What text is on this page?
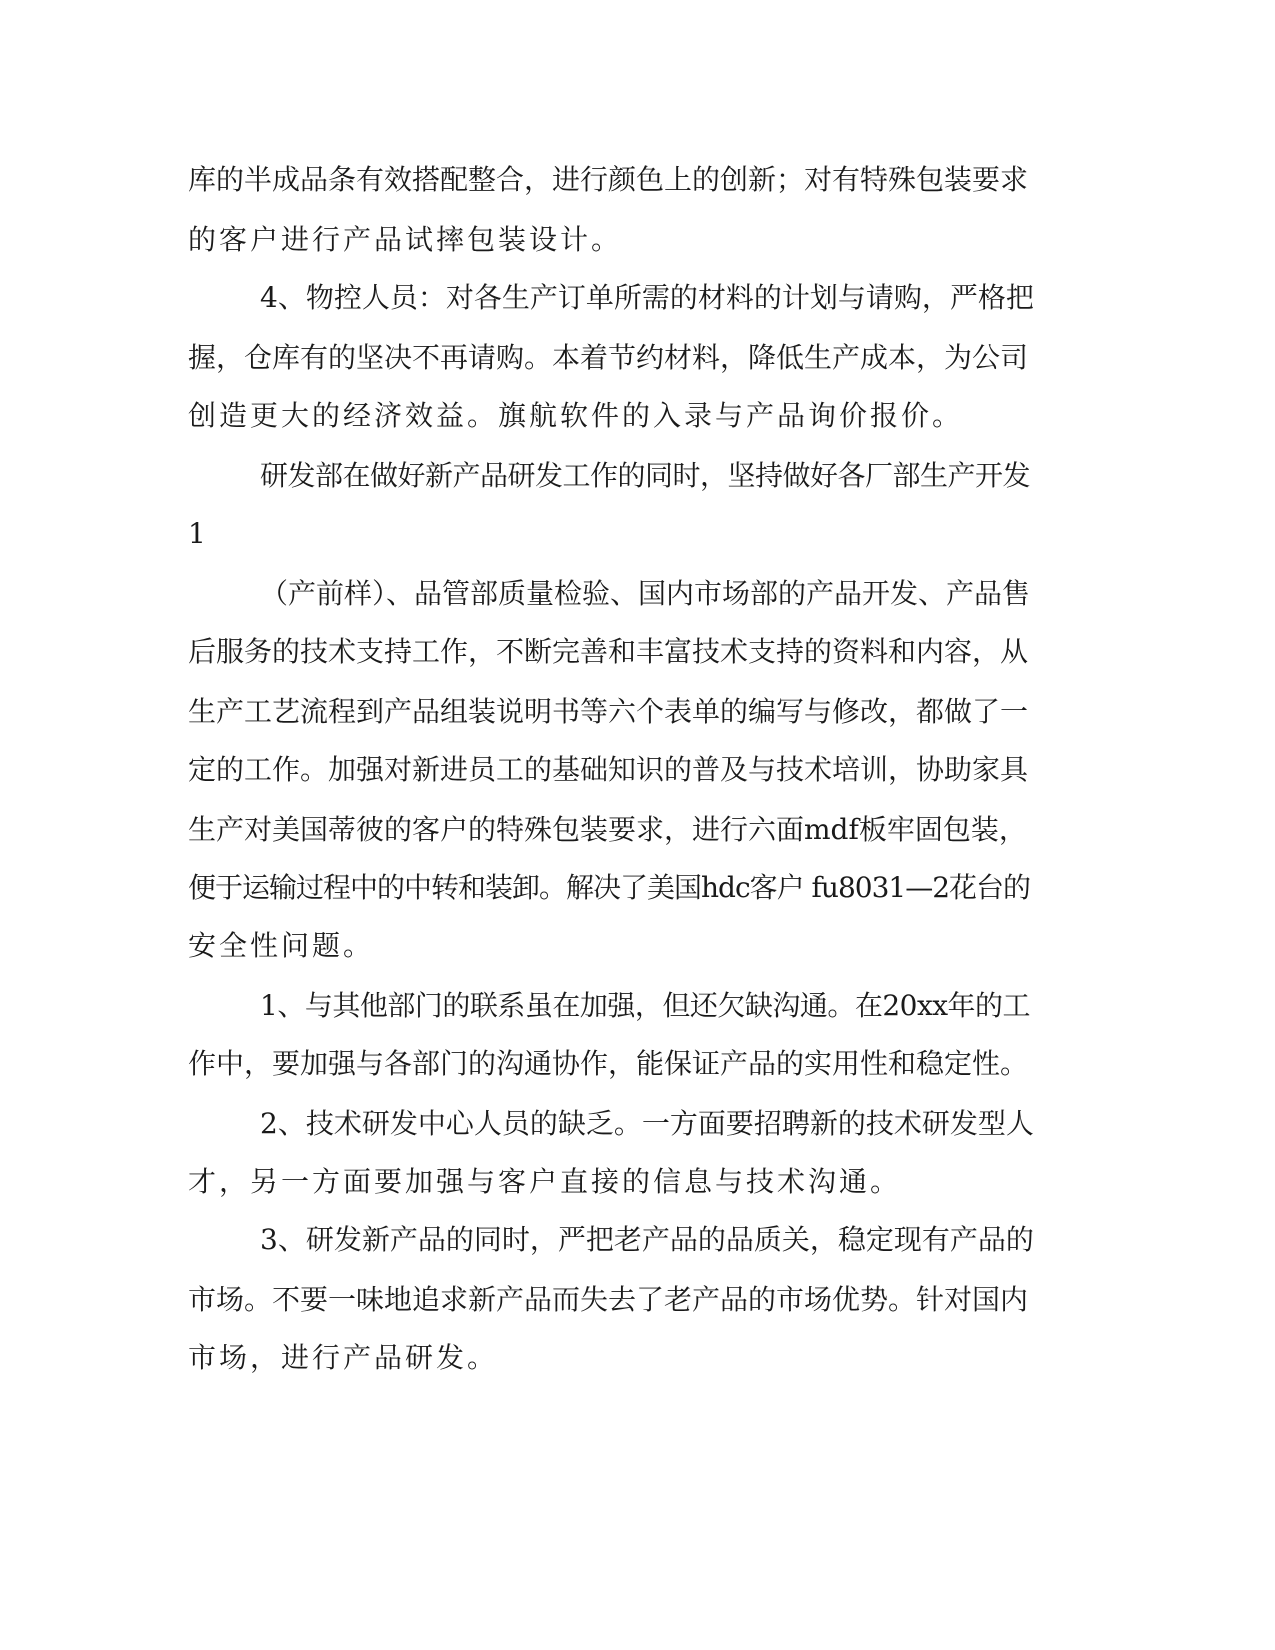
库的半成品条有效搭配整合，进行颜色上的创新；对有特殊包装要求
的客户进行产品试摔包装设计。
4、物控人员：对各生产订单所需的材料的计划与请购，严格把
握，仓库有的坚决不再请购。本着节约材料，降低生产成本，为公司
创造更大的经济效益。旗航软件的入录与产品询价报价。
研发部在做好新产品研发工作的同时，坚持做好各厂部生产开发
1
（产前样）、品管部质量检验、国内市场部的产品开发、产品售
后服务的技术支持工作，不断完善和丰富技术支持的资料和内容，从
生产工艺流程到产品组装说明书等六个表单的编写与修改，都做了一
定的工作。加强对新进员工的基础知识的普及与技术培训，协助家具
生产对美国蒂彼的客户的特殊包装要求，进行六面mdf板牢固包装，
便于运输过程中的中转和装卸。解决了美国hdc客户 fu8031—2花台的
安全性问题。
1、与其他部门的联系虽在加强，但还欠缺沟通。在20xx年的工
作中，要加强与各部门的沟通协作，能保证产品的实用性和稳定性。
2、技术研发中心人员的缺乏。一方面要招聘新的技术研发型人
才，另一方面要加强与客户直接的信息与技术沟通。
3、研发新产品的同时，严把老产品的品质关，稳定现有产品的
市场。不要一味地追求新产品而失去了老产品的市场优势。针对国内
市场，进行产品研发。
